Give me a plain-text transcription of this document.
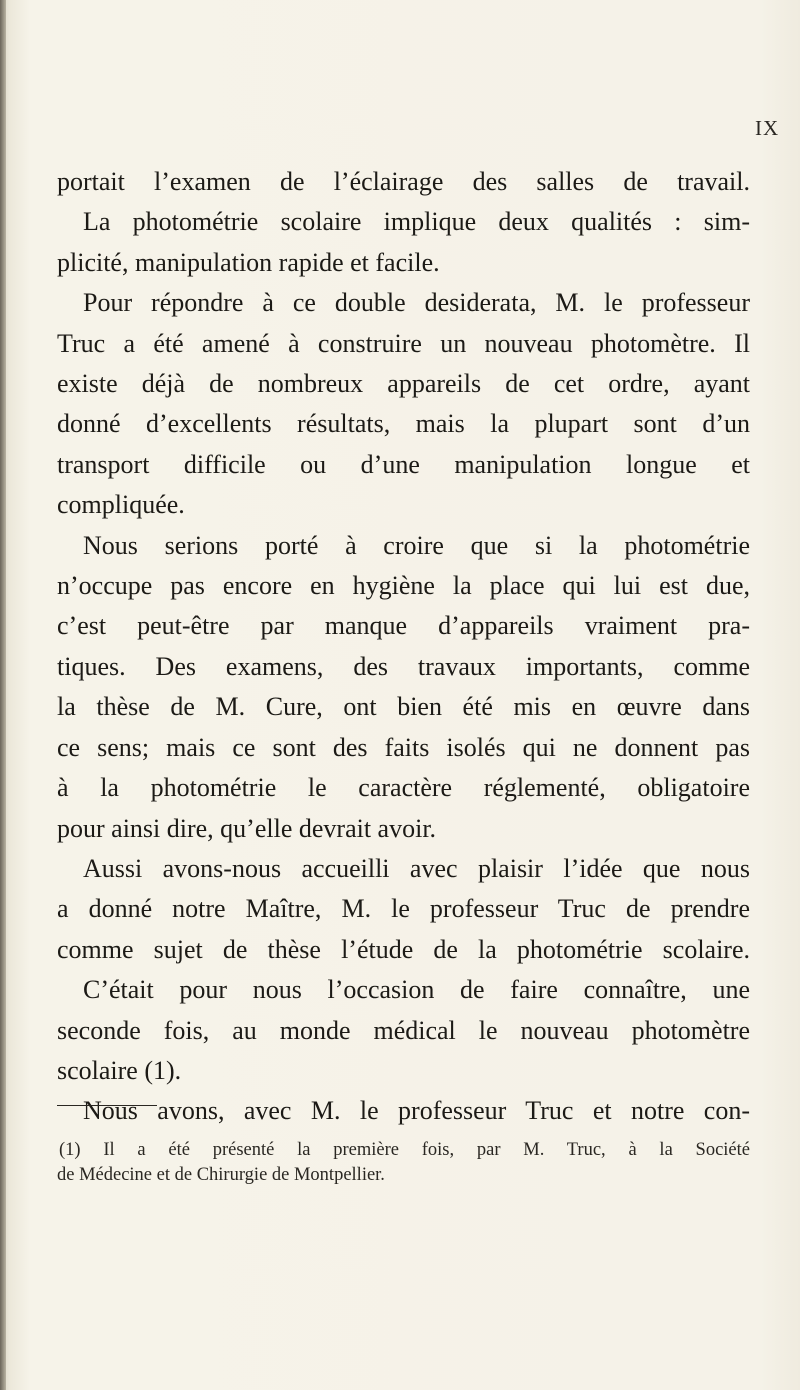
IX
portait l’examen de l’éclairage des salles de travail.
La photométrie scolaire implique deux qualités : sim-
plicité, manipulation rapide et facile.
Pour répondre à ce double desiderata, M. le professeur
Truc a été amené à construire un nouveau photomètre. Il
existe déjà de nombreux appareils de cet ordre, ayant
donné d’excellents résultats, mais la plupart sont d’un
transport difficile ou d’une manipulation longue et
compliquée.
Nous serions porté à croire que si la photométrie
n’occupe pas encore en hygiène la place qui lui est due,
c’est peut-être par manque d’appareils vraiment pra-
tiques. Des examens, des travaux importants, comme
la thèse de M. Cure, ont bien été mis en œuvre dans
ce sens; mais ce sont des faits isolés qui ne donnent pas
à la photométrie le caractère réglementé, obligatoire
pour ainsi dire, qu’elle devrait avoir.
Aussi avons-nous accueilli avec plaisir l’idée que nous
a donné notre Maître, M. le professeur Truc de prendre
comme sujet de thèse l’étude de la photométrie scolaire.
C’était pour nous l’occasion de faire connaître, une
seconde fois, au monde médical le nouveau photomètre
scolaire (1).
Nous avons, avec M. le professeur Truc et notre con-
(1) Il a été présenté la première fois, par M. Truc, à la Société
de Médecine et de Chirurgie de Montpellier.
